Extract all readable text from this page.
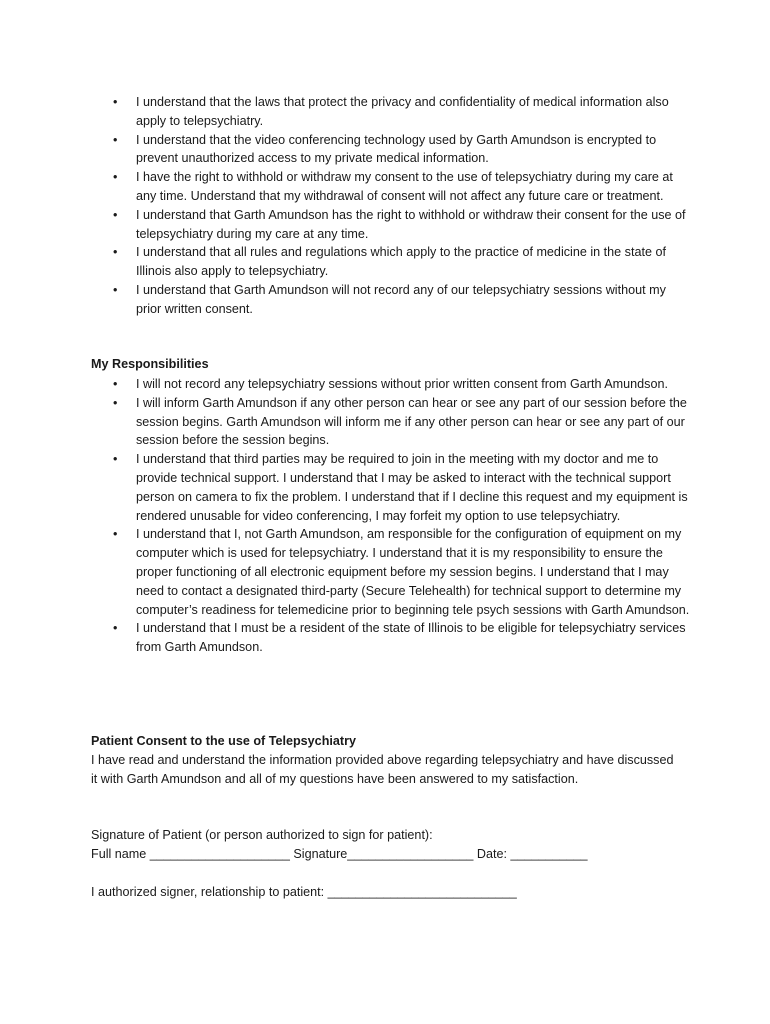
• I understand that the laws that protect the privacy and confidentiality of medical information also apply to telepsychiatry.
• I understand that the video conferencing technology used by Garth Amundson is encrypted to prevent unauthorized access to my private medical information.
• I have the right to withhold or withdraw my consent to the use of telepsychiatry during my care at any time. Understand that my withdrawal of consent will not affect any future care or treatment.
• I understand that Garth Amundson has the right to withhold or withdraw their consent for the use of telepsychiatry during my care at any time.
• I understand that all rules and regulations which apply to the practice of medicine in the state of Illinois also apply to telepsychiatry.
• I understand that Garth Amundson will not record any of our telepsychiatry sessions without my prior written consent.
My Responsibilities
• I will not record any telepsychiatry sessions without prior written consent from Garth Amundson.
• I will inform Garth Amundson if any other person can hear or see any part of our session before the session begins. Garth Amundson will inform me if any other person can hear or see any part of our session before the session begins.
• I understand that third parties may be required to join in the meeting with my doctor and me to provide technical support. I understand that I may be asked to interact with the technical support person on camera to fix the problem. I understand that if I decline this request and my equipment is rendered unusable for video conferencing, I may forfeit my option to use telepsychiatry.
• I understand that I, not Garth Amundson, am responsible for the configuration of equipment on my computer which is used for telepsychiatry. I understand that it is my responsibility to ensure the proper functioning of all electronic equipment before my session begins. I understand that I may need to contact a designated third-party (Secure Telehealth) for technical support to determine my computer’s readiness for telemedicine prior to beginning tele psych sessions with Garth Amundson.
• I understand that I must be a resident of the state of Illinois to be eligible for telepsychiatry services from Garth Amundson.
Patient Consent to the use of Telepsychiatry
I have read and understand the information provided above regarding telepsychiatry and have discussed it with Garth Amundson and all of my questions have been answered to my satisfaction.
Signature of Patient (or person authorized to sign for patient):
Full name ____________________ Signature__________________ Date: ___________
I authorized signer, relationship to patient: ___________________________
